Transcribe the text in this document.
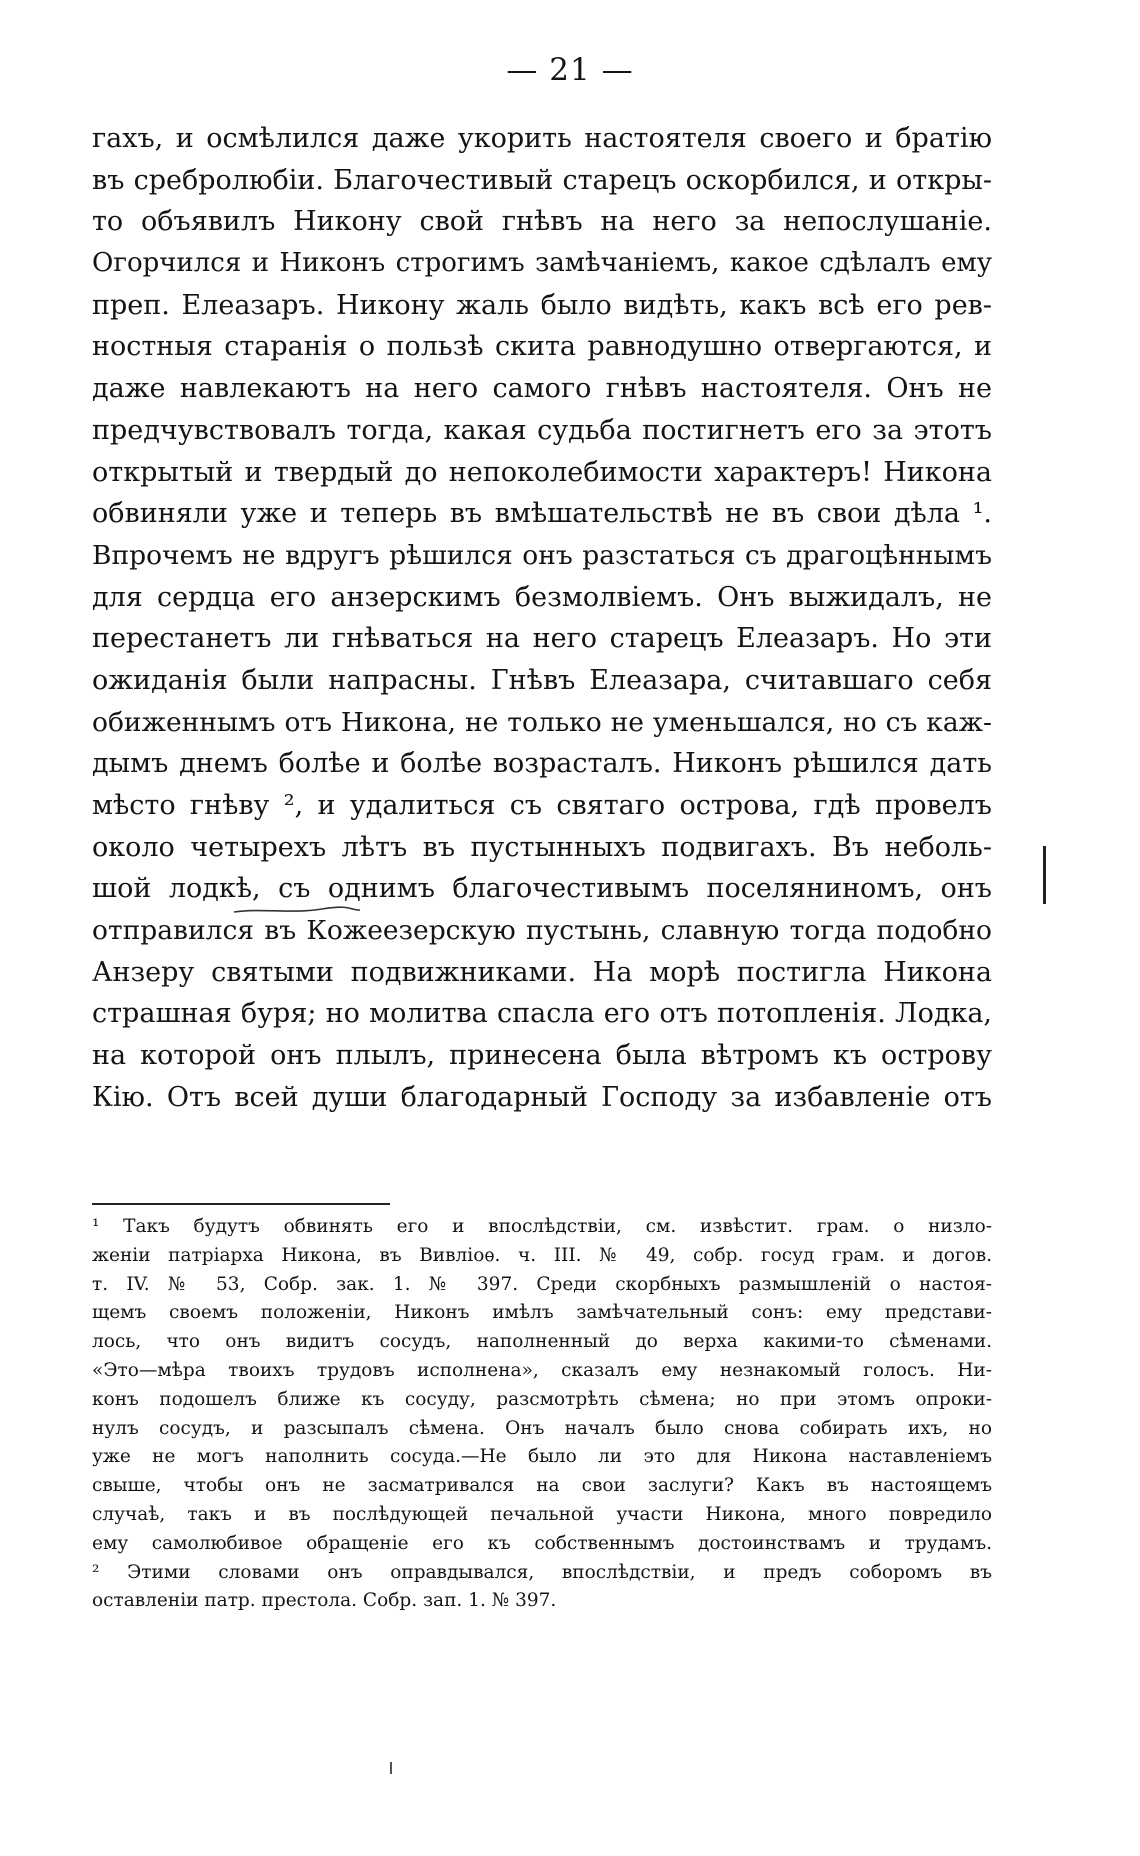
— 21 —
гахъ, и осмѣлился даже укорить настоятеля своего и братію
въ сребролюбіи. Благочестивый старецъ оскорбился, и откры-
то объявилъ Никону свой гнѣвъ на него за непослушаніе.
Огорчился и Никонъ строгимъ замѣчаніемъ, какое сдѣлалъ ему
преп. Елеазаръ. Никону жаль было видѣть, какъ всѣ его рев-
ностныя старанія о пользѣ скита равнодушно отвергаются, и
даже навлекаютъ на него самого гнѣвъ настоятеля. Онъ не
предчувствовалъ тогда, какая судьба постигнетъ его за этотъ
открытый и твердый до непоколебимости характеръ! Никона
обвиняли уже и теперь въ вмѣшательствѣ не въ свои дѣла ¹.
Впрочемъ не вдругъ рѣшился онъ разстаться съ драгоцѣннымъ
для сердца его анзерскимъ безмолвіемъ. Онъ выжидалъ, не
перестанетъ ли гнѣваться на него старецъ Елеазаръ. Но эти
ожиданія были напрасны. Гнѣвъ Елеазара, считавшаго себя
обиженнымъ отъ Никона, не только не уменьшался, но съ каж-
дымъ днемъ болѣе и болѣе возрасталъ. Никонъ рѣшился дать
мѣсто гнѣву ², и удалиться съ святаго острова, гдѣ провелъ
около четырехъ лѣтъ въ пустынныхъ подвигахъ. Въ неболь-
шой лодкѣ, съ однимъ благочестивымъ поселяниномъ, онъ
отправился въ Кожеезерскую пустынь, славную тогда подобно
Анзеру святыми подвижниками. На морѣ постигла Никона
страшная буря; но молитва спасла его отъ потопленія. Лодка,
на которой онъ плылъ, принесена была вѣтромъ къ острову
Кію. Отъ всей души благодарный Господу за избавленіе отъ
¹ Такъ будутъ обвинять его и впослѣдствіи, см. извѣстит. грам. о низло-
женіи патріарха Никона, въ Вивліоѳ. ч. III. № 49, собр. госуд грам. и догов.
т. IV. № 53, Собр. зак. 1. № 397. Среди скорбныхъ размышленій о настоя-
щемъ своемъ положеніи, Никонъ имѣлъ замѣчательный сонъ: ему представи-
лось, что онъ видитъ сосудъ, наполненный до верха какими-то сѣменами.
«Это—мѣра твоихъ трудовъ исполнена», сказалъ ему незнакомый голосъ. Ни-
конъ подошелъ ближе къ сосуду, разсмотрѣть сѣмена; но при этомъ опроки-
нулъ сосудъ, и разсыпалъ сѣмена. Онъ началъ было снова собирать ихъ, но
уже не могъ наполнить сосуда.—Не было ли это для Никона наставленіемъ
свыше, чтобы онъ не засматривался на свои заслуги? Какъ въ настоящемъ
случаѣ, такъ и въ послѣдующей печальной участи Никона, много повредило
ему самолюбивое обращеніе его къ собственнымъ достоинствамъ и трудамъ.
² Этими словами онъ оправдывался, впослѣдствіи, и предъ соборомъ въ
оставленіи патр. престола. Собр. зап. 1. № 397.
